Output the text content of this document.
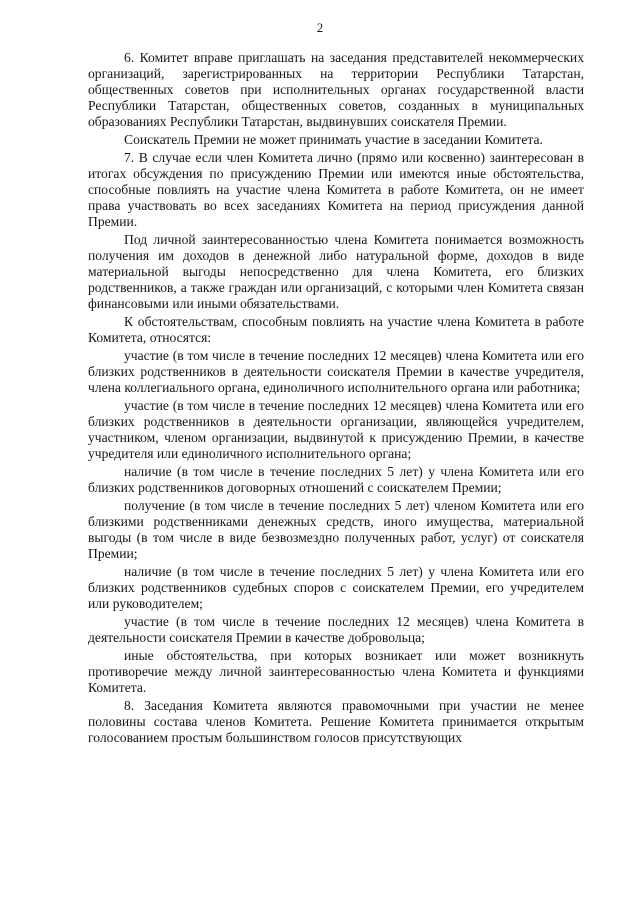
2

6. Комитет вправе приглашать на заседания представителей некоммерческих организаций, зарегистрированных на территории Республики Татарстан, общественных советов при исполнительных органах государственной власти Республики Татарстан, общественных советов, созданных в муниципальных образованиях Республики Татарстан, выдвинувших соискателя Премии.

Соискатель Премии не может принимать участие в заседании Комитета.

7. В случае если член Комитета лично (прямо или косвенно) заинтересован в итогах обсуждения по присуждению Премии или имеются иные обстоятельства, способные повлиять на участие члена Комитета в работе Комитета, он не имеет права участвовать во всех заседаниях Комитета на период присуждения данной Премии.

Под личной заинтересованностью члена Комитета понимается возможность получения им доходов в денежной либо натуральной форме, доходов в виде материальной выгоды непосредственно для члена Комитета, его близких родственников, а также граждан или организаций, с которыми член Комитета связан финансовыми или иными обязательствами.

К обстоятельствам, способным повлиять на участие члена Комитета в работе Комитета, относятся:

участие (в том числе в течение последних 12 месяцев) члена Комитета или его близких родственников в деятельности соискателя Премии в качестве учредителя, члена коллегиального органа, единоличного исполнительного органа или работника;

участие (в том числе в течение последних 12 месяцев) члена Комитета или его близких родственников в деятельности организации, являющейся учредителем, участником, членом организации, выдвинутой к присуждению Премии, в качестве учредителя или единоличного исполнительного органа;

наличие (в том числе в течение последних 5 лет) у члена Комитета или его близких родственников договорных отношений с соискателем Премии;

получение (в том числе в течение последних 5 лет) членом Комитета или его близкими родственниками денежных средств, иного имущества, материальной выгоды (в том числе в виде безвозмездно полученных работ, услуг) от соискателя Премии;

наличие (в том числе в течение последних 5 лет) у члена Комитета или его близких родственников судебных споров с соискателем Премии, его учредителем или руководителем;

участие (в том числе в течение последних 12 месяцев) члена Комитета в деятельности соискателя Премии в качестве добровольца;

иные обстоятельства, при которых возникает или может возникнуть противоречие между личной заинтересованностью члена Комитета и функциями Комитета.

8. Заседания Комитета являются правомочными при участии не менее половины состава членов Комитета. Решение Комитета принимается открытым голосованием простым большинством голосов присутствующих
